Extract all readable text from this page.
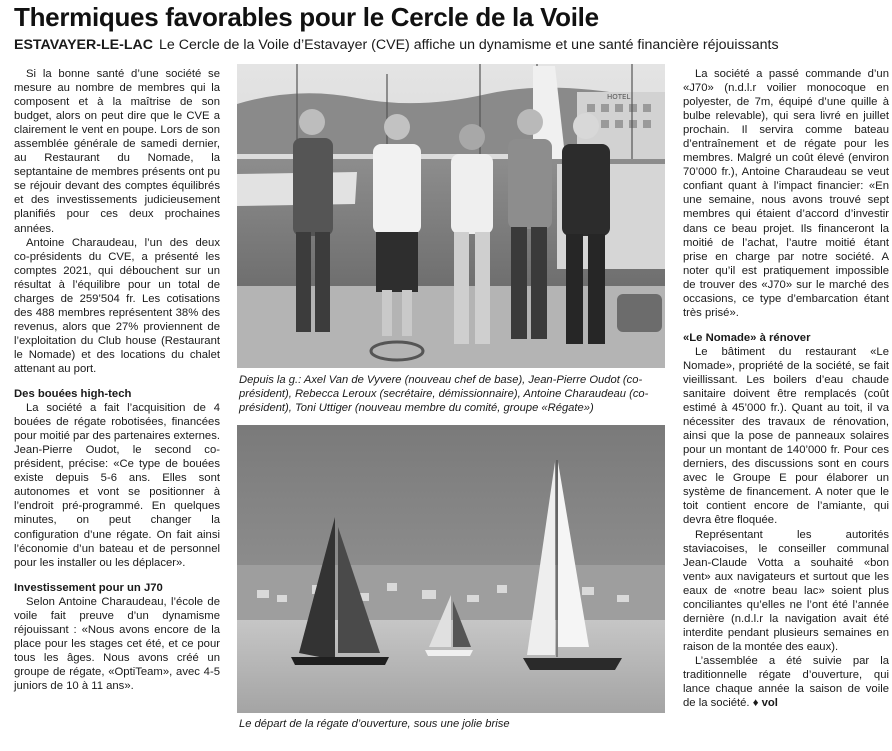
Thermiques favorables pour le Cercle de la Voile
ESTAVAYER-LE-LAC Le Cercle de la Voile d’Estavayer (CVE) affiche un dynamisme et une santé financière réjouissants

Si la bonne santé d’une société se mesure au nombre de membres qui la composent et à la maîtrise de son budget, alors on peut dire que le CVE a clairement le vent en poupe. Lors de son assemblée générale de samedi dernier, au Restaurant du Nomade, la septantaine de membres présents ont pu se réjouir devant des comptes équilibrés et des investissements judicieusement planifiés pour ces deux prochaines années.

Antoine Charaudeau, l’un des deux co-présidents du CVE, a présenté les comptes 2021, qui débouchent sur un résultat à l’équilibre pour un total de charges de 259’504 fr. Les cotisations des 488 membres représentent 38% des revenus, alors que 27% proviennent de l’exploitation du Club house (Restaurant le Nomade) et des locations du chalet attenant au port.

Des bouées high-tech

La société a fait l’acquisition de 4 bouées de régate robotisées, financées pour moitié par des partenaires externes. Jean-Pierre Oudot, le second co-président, précise: «Ce type de bouées existe depuis 5-6 ans. Elles sont autonomes et vont se positionner à l’endroit pré-programmé. En quelques minutes, on peut changer la configuration d’une régate. On fait ainsi l’économie d’un bateau et de personnel pour les installer ou les déplacer».

Investissement pour un J70

Selon Antoine Charaudeau, l’école de voile fait preuve d’un dynamisme réjouissant : «Nous avons encore de la place pour les stages cet été, et ce pour tous les âges. Nous avons créé un groupe de régate, «OptiTeam», avec 4-5 juniors de 10 à 11 ans».

HOTEL
Depuis la g.: Axel Van de Vyvere (nouveau chef de base), Jean-Pierre Oudot (co-président), Rebecca Leroux (secrétaire, démissionnaire), Antoine Charaudeau (co-président), Toni Uttiger (nouveau membre du comité, groupe «Régate»)
Le départ de la régate d’ouverture, sous une jolie brise

La société a passé commande d’un «J70» (n.d.l.r voilier monocoque en polyester, de 7m, équipé d’une quille à bulbe relevable), qui sera livré en juillet prochain. Il servira comme bateau d’entraînement et de régate pour les membres. Malgré un coût élevé (environ 70’000 fr.), Antoine Charaudeau se veut confiant quant à l’impact financier: «En une semaine, nous avons trouvé sept membres qui étaient d’accord d’investir dans ce beau projet. Ils financeront la moitié de l’achat, l’autre moitié étant prise en charge par notre société. A noter qu’il est pratiquement impossible de trouver des «J70» sur le marché des occasions, ce type d’embarcation étant très prisé».

«Le Nomade» à rénover

Le bâtiment du restaurant «Le Nomade», propriété de la société, se fait vieillissant. Les boilers d’eau chaude sanitaire doivent être remplacés (coût estimé à 45’000 fr.). Quant au toit, il va nécessiter des travaux de rénovation, ainsi que la pose de panneaux solaires pour un montant de 140’000 fr. Pour ces derniers, des discussions sont en cours avec le Groupe E pour élaborer un système de financement. A noter que le toit contient encore de l’amiante, qui devra être floquée.

Représentant les autorités staviacoises, le conseiller communal Jean-Claude Votta a souhaité «bon vent» aux navigateurs et surtout que les eaux de «notre beau lac» soient plus conciliantes qu’elles ne l’ont été l’année dernière (n.d.l.r la navigation avait été interdite pendant plusieurs semaines en raison de la montée des eaux).

L’assemblée a été suivie par la traditionnelle régate d’ouverture, qui lance chaque année la saison de voile de la société. ♦ vol
